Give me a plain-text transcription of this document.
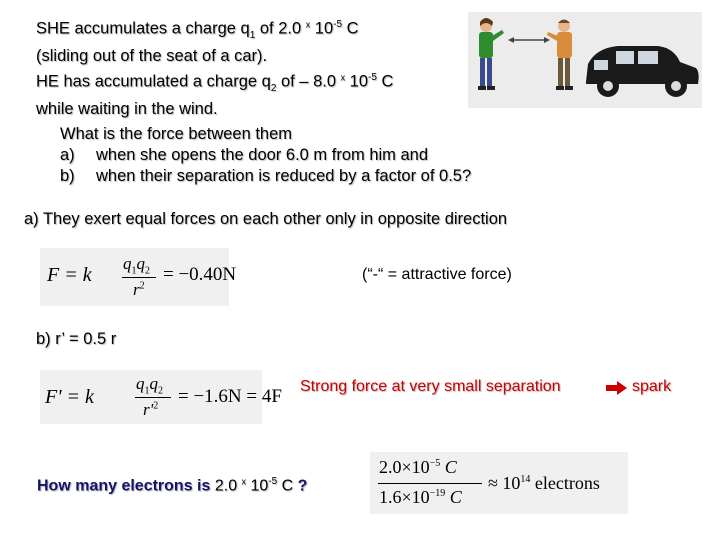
SHE accumulates a charge $q_1$ of 2.0 $^x$ $10^{-5}$ C
(sliding out of the seat of a car).
HE has accumulated a charge $q_2$ of – 8.0 $^x$ $10^{-5}$ C
while waiting in the wind.
What is the force between them
a) when she opens the door 6.0 m from him and
b) when their separation is reduced by a factor of 0.5?
a) They exert equal forces on each other only in opposite direction
F = k
$q_1q_2$
$r^2$
= −0.40N	(“-“ = attractive force)
b) r’ = 0.5 r
F' = k
$q_1q_2$
$r'^2 = -1.6N = 4F$ Strong force at very small separation	spark
How many electrons is 2.0 $^x$ $10^{-5}$ C ?
$2.0\times 10^{-5}$ C
$1.6\times 10^{-19}$ C
≈ $10^{14}$ electrons
